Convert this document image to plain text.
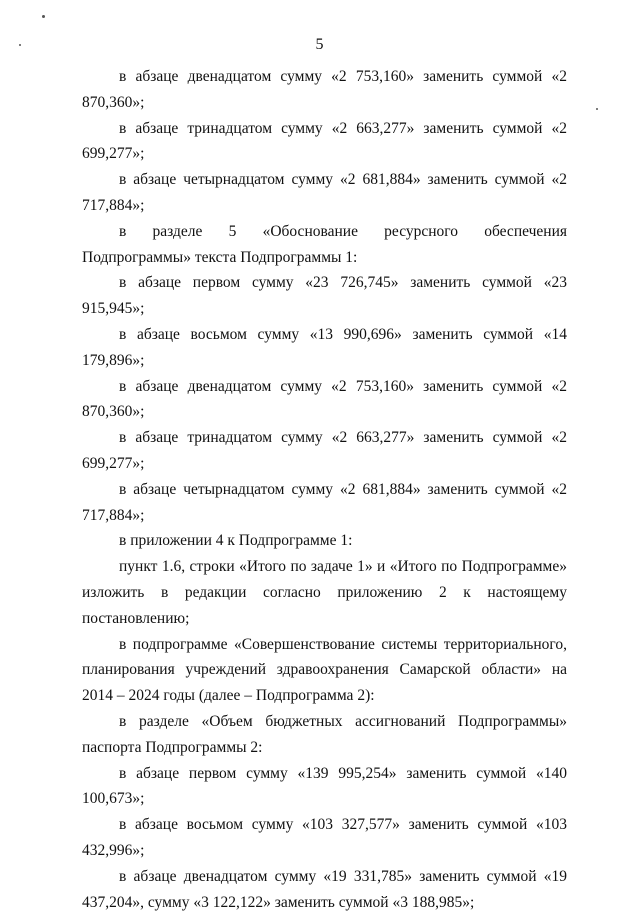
5

в абзаце двенадцатом сумму «2 753,160» заменить суммой «2 870,360»;

в абзаце тринадцатом сумму «2 663,277» заменить суммой «2 699,277»;

в абзаце четырнадцатом сумму «2 681,884» заменить суммой «2 717,884»;

в разделе 5 «Обоснование ресурсного обеспечения Подпрограммы» текста Подпрограммы 1:

в абзаце первом сумму «23 726,745» заменить суммой «23 915,945»;

в абзаце восьмом сумму «13 990,696» заменить суммой «14 179,896»;

в абзаце двенадцатом сумму «2 753,160» заменить суммой «2 870,360»;

в абзаце тринадцатом сумму «2 663,277» заменить суммой «2 699,277»;

в абзаце четырнадцатом сумму «2 681,884» заменить суммой «2 717,884»;

в приложении 4 к Подпрограмме 1:

пункт 1.6, строки «Итого по задаче 1» и «Итого по Подпрограмме» изложить в редакции согласно приложению 2 к настоящему постановлению;

в подпрограмме «Совершенствование системы территориального, планирования учреждений здравоохранения Самарской области» на 2014 – 2024 годы (далее – Подпрограмма 2):

в разделе «Объем бюджетных ассигнований Подпрограммы» паспорта Подпрограммы 2:

в абзаце первом сумму «139 995,254» заменить суммой «140 100,673»;

в абзаце восьмом сумму «103 327,577» заменить суммой «103 432,996»;

в абзаце двенадцатом сумму «19 331,785» заменить суммой «19 437,204», сумму «3 122,122» заменить суммой «3 188,985»;
